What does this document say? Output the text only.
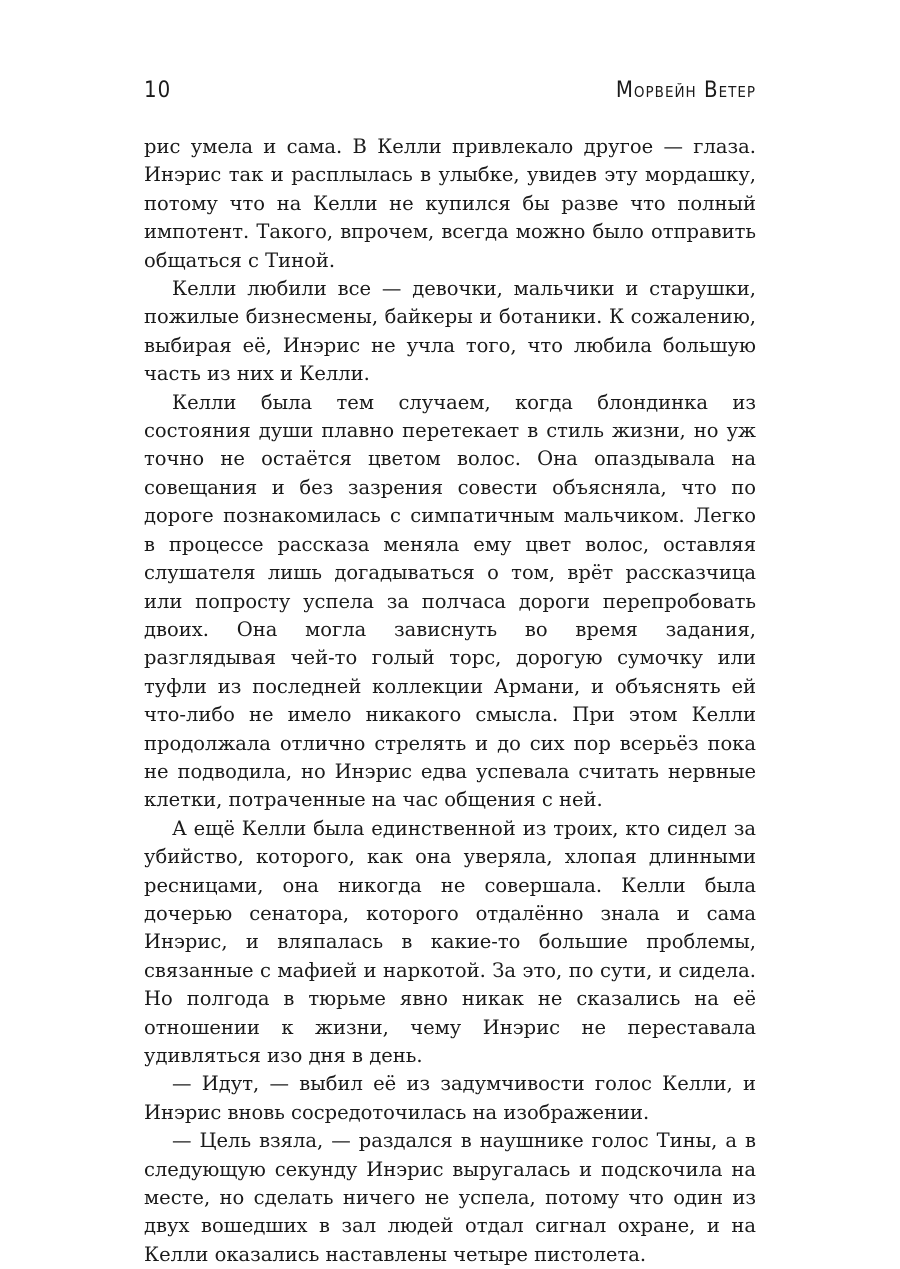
10	Морвейн Ветер

рис умела и сама. В Келли привлекало другое — глаза. Инэрис так и расплылась в улыбке, увидев эту мордашку, потому что на Келли не купился бы разве что полный импотент. Такого, впрочем, всегда можно было отправить общаться с Тиной.

Келли любили все — девочки, мальчики и старушки, пожилые бизнесмены, байкеры и ботаники. К сожалению, выбирая её, Инэрис не учла того, что любила большую часть из них и Келли.

Келли была тем случаем, когда блондинка из состояния души плавно перетекает в стиль жизни, но уж точно не остаётся цветом волос. Она опаздывала на совещания и без зазрения совести объясняла, что по дороге познакомилась с симпатичным мальчиком. Легко в процессе рассказа меняла ему цвет волос, оставляя слушателя лишь догадываться о том, врёт рассказчица или попросту успела за полчаса дороги перепробовать двоих. Она могла зависнуть во время задания, разглядывая чей-то голый торс, дорогую сумочку или туфли из последней коллекции Армани, и объяснять ей что-либо не имело никакого смысла. При этом Келли продолжала отлично стрелять и до сих пор всерьёз пока не подводила, но Инэрис едва успевала считать нервные клетки, потраченные на час общения с ней.

А ещё Келли была единственной из троих, кто сидел за убийство, которого, как она уверяла, хлопая длинными ресницами, она никогда не совершала. Келли была дочерью сенатора, которого отдалённо знала и сама Инэрис, и вляпалась в какие-то большие проблемы, связанные с мафией и наркотой. За это, по сути, и сидела. Но полгода в тюрьме явно никак не сказались на её отношении к жизни, чему Инэрис не переставала удивляться изо дня в день.

— Идут, — выбил её из задумчивости голос Келли, и Инэрис вновь сосредоточилась на изображении.

— Цель взяла, — раздался в наушнике голос Тины, а в следующую секунду Инэрис выругалась и подскочила на месте, но сделать ничего не успела, потому что один из двух вошедших в зал людей отдал сигнал охране, и на Келли оказались наставлены четыре пистолета.
